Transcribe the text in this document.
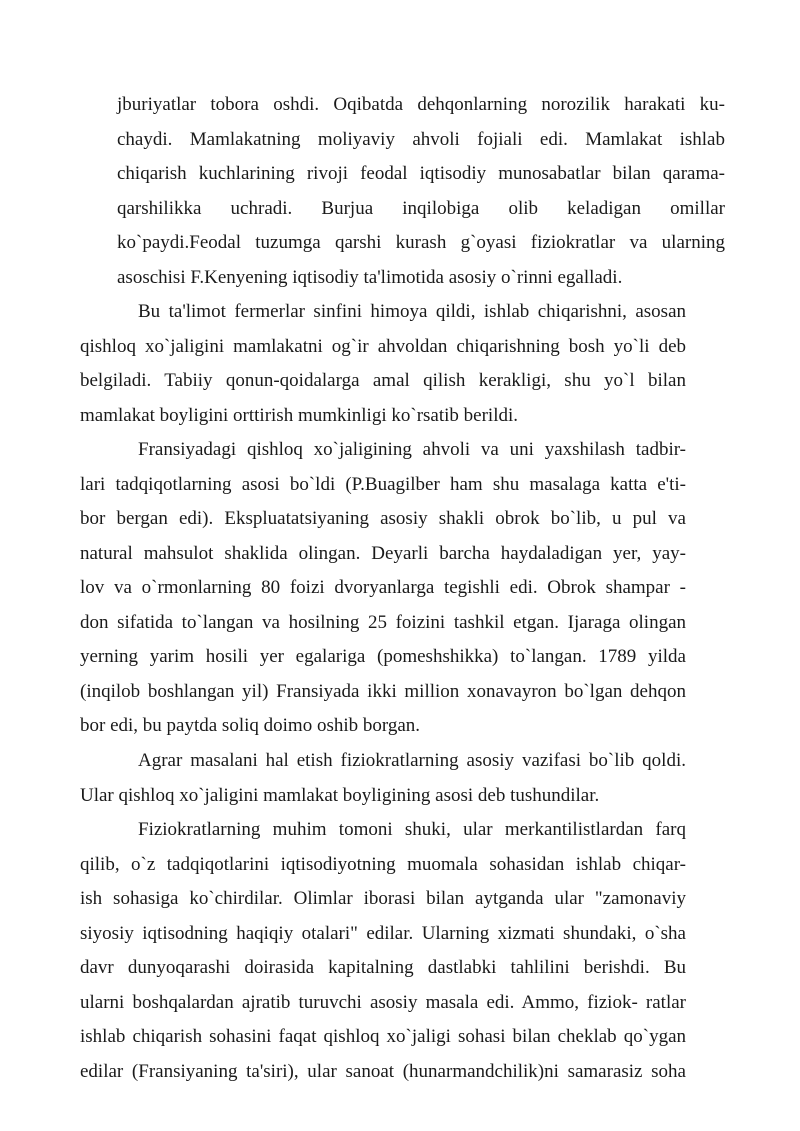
jburiyatlar tobora oshdi. Oqibatda dehqonlarning norozilik harakati ku-
chaydi. Mamlakatning moliyaviy ahvoli fojiali edi. Mamlakat ishlab
chiqarish kuchlarining rivoji feodal iqtisodiy munosabatlar bilan qarama-
qarshilikka uchradi. Burjua inqilobiga olib keladigan omillar
ko`paydi.Feodal tuzumga qarshi kurash g`oyasi fiziokratlar va ularning
asoschisi F.Kenyening iqtisodiy ta'limotida asosiy o`rinni egalladi.
Bu ta'limot fermerlar sinfini himoya qildi, ishlab chiqarishni, asosan
qishloq xo`jaligini mamlakatni og`ir ahvoldan chiqarishning bosh yo`li deb
belgiladi. Tabiiy qonun-qoidalarga amal qilish kerakligi, shu yo`l bilan
mamlakat boyligini orttirish mumkinligi ko`rsatib berildi.
Fransiyadagi qishloq xo`jaligining ahvoli va uni yaxshilash tadbir-
lari tadqiqotlarning asosi bo`ldi (P.Buagilber ham shu masalaga katta e'ti-
bor bergan edi). Ekspluatatsiyaning asosiy shakli obrok bo`lib, u pul va
natural mahsulot shaklida olingan. Deyarli barcha haydaladigan yer, yay-
lov va o`rmonlarning 80 foizi dvoryanlarga tegishli edi. Obrok shampar -
don sifatida to`langan va hosilning 25 foizini tashkil etgan. Ijaraga olingan
yerning yarim hosili yer egalariga (pomeshshikka) to`langan. 1789 yilda
(inqilob boshlangan yil) Fransiyada ikki million xonavayron bo`lgan dehqon
bor edi, bu paytda soliq doimo oshib borgan.
Agrar masalani hal etish fiziokratlarning asosiy vazifasi bo`lib qoldi.
Ular qishloq xo`jaligini mamlakat boyligining asosi deb tushundilar.
Fiziokratlarning muhim tomoni shuki, ular merkantilistlardan farq
qilib, o`z tadqiqotlarini iqtisodiyotning muomala sohasidan ishlab chiqar-
ish sohasiga ko`chirdilar. Olimlar iborasi bilan aytganda ular "zamonaviy
siyosiy iqtisodning haqiqiy otalari" edilar. Ularning xizmati shundaki, o`sha
davr dunyoqarashi doirasida kapitalning dastlabki tahlilini berishdi. Bu
ularni boshqalardan ajratib turuvchi asosiy masala edi. Ammo, fiziok- ratlar
ishlab chiqarish sohasini faqat qishloq xo`jaligi sohasi bilan cheklab qo`ygan
edilar (Fransiyaning ta'siri), ular sanoat (hunarmandchilik)ni samarasiz soha
